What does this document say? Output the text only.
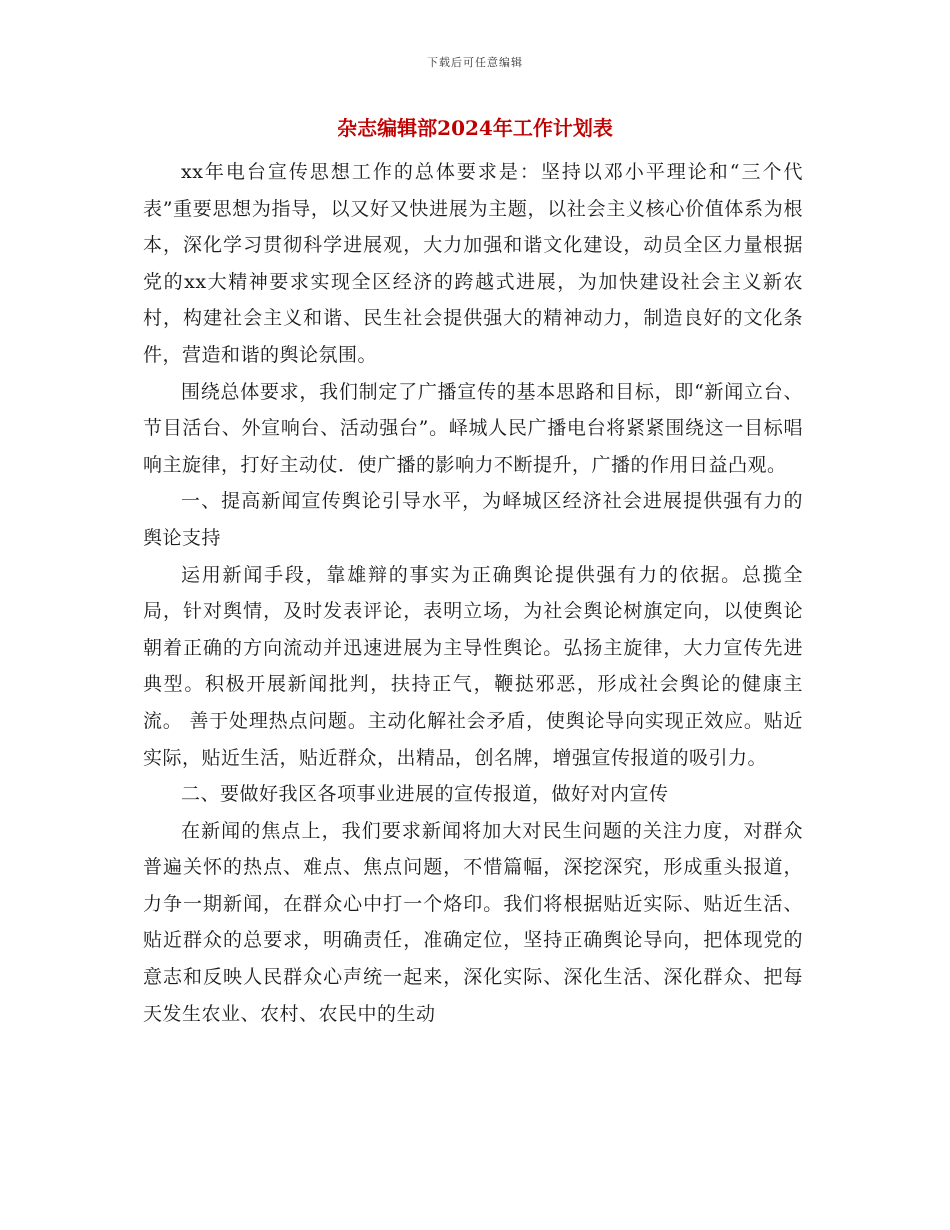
下载后可任意编辑
杂志编辑部2024年工作计划表

xx年电台宣传思想工作的总体要求是：坚持以邓小平理论和“三个代表”重要思想为指导，以又好又快进展为主题，以社会主义核心价值体系为根本，深化学习贯彻科学进展观，大力加强和谐文化建设，动员全区力量根据党的xx大精神要求实现全区经济的跨越式进展，为加快建设社会主义新农村，构建社会主义和谐、民生社会提供强大的精神动力，制造良好的文化条件，营造和谐的舆论氛围。

围绕总体要求，我们制定了广播宣传的基本思路和目标，即“新闻立台、节目活台、外宣响台、活动强台”。峄城人民广播电台将紧紧围绕这一目标唱响主旋律，打好主动仗．使广播的影响力不断提升，广播的作用日益凸观。

一、提高新闻宣传舆论引导水平，为峄城区经济社会进展提供强有力的舆论支持

运用新闻手段，靠雄辩的事实为正确舆论提供强有力的依据。总揽全局，针对舆情，及时发表评论，表明立场，为社会舆论树旗定向，以使舆论朝着正确的方向流动并迅速进展为主导性舆论。弘扬主旋律，大力宣传先进典型。积极开展新闻批判，扶持正气，鞭挞邪恶，形成社会舆论的健康主流。 善于处理热点问题。主动化解社会矛盾，使舆论导向实现正效应。贴近实际，贴近生活，贴近群众，出精品，创名牌，增强宣传报道的吸引力。

二、要做好我区各项事业进展的宣传报道，做好对内宣传

在新闻的焦点上，我们要求新闻将加大对民生问题的关注力度，对群众普遍关怀的热点、难点、焦点问题，不惜篇幅，深挖深究，形成重头报道，力争一期新闻，在群众心中打一个烙印。我们将根据贴近实际、贴近生活、贴近群众的总要求，明确责任，准确定位，坚持正确舆论导向，把体现党的意志和反映人民群众心声统一起来，深化实际、深化生活、深化群众、把每天发生农业、农村、农民中的生动
